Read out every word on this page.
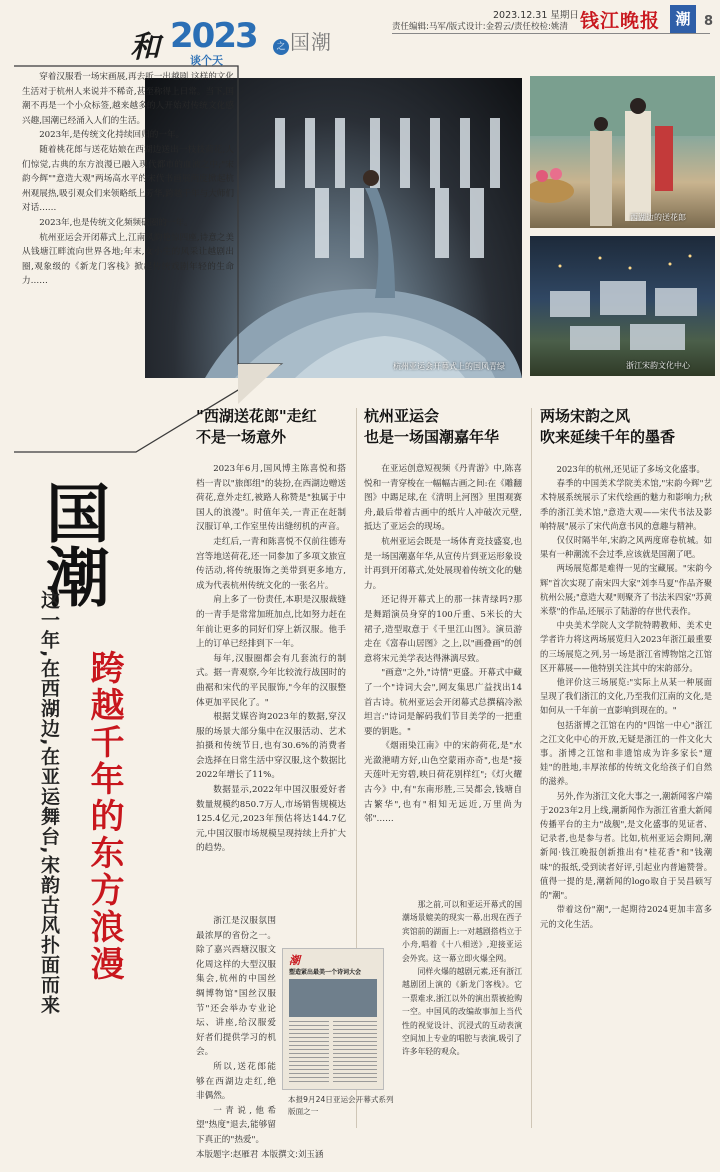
和 2023
谈个天
之 国潮
2023.12.31 星期日
责任编辑:马军/版式设计:金碧云/责任校检:姚清 钱江晚报	潮	8
杭州亚运会开幕式上的国风青绿
西湖边的送花郎
浙江宋韵文化中心

穿着汉服看一场宋画展,再去听一出越剧,这样的文化生活对于杭州人来说并不稀奇,甚至称得上日常。当下,国潮不再是一个小众标签,越来越多的人开始对传统文化感兴趣,国潮已经涌入人们的生活。

2023年,是传统文化持续回归的一年。

随着桃花郎与送花姑娘在西湖边送出一枝枝荷花,人们惊觉,古典的东方浪漫已融入现代都市的血液之中;"宋韵今辉""意造大观"两场高水平的宋代书画展两度掀起杭州观展热,吸引观众们来领略纸上芳华,跨越千年与大师们对话……

2023年,也是传统文化频频破圈的一年。

杭州亚运会开闭幕式上,江南风韵艳惊四座,诗意之美从钱塘江畔流向世界各地;年末,女小生的风采让越剧出圈,观象级的《新龙门客栈》掀起传统戏剧年轻的生命力……

国潮
跨越千年的东方浪漫
这一年,在西湖边,在亚运舞台,宋韵古风扑面而来
"西湖送花郎"走红
不是一场意外

2023年6月,国风博主陈喜悦和搭档一青以"旅郎组"的装扮,在西湖边赠送荷花,意外走红,被路人称赞是"独属于中国人的浪漫"。时值年关,一青正在赶制汉服订单,工作室里传出缝纫机的声音。

走红后,一青和陈喜悦不仅前往德寿宫等地送荷花,还一同参加了多项文旅宣传活动,将传统服饰之美带到更多地方,成为代表杭州传统文化的一张名片。

肩上多了一份责任,本职是汉服裁缝的一青手是常常加班加点,比如努力赶在年前让更多的同好们穿上新汉服。他手上的订单已经排到下一年。

每年,汉服圈都会有几套流行的制式。据一青观察,今年比较流行战国时的曲裾和宋代的平民服饰,"今年的汉服整体更加平民化了。"

根据艾媒咨询2023年的数据,穿汉服的场景大部分集中在汉服活动、艺术拍摄和传统节日,也有30.6%的消费者会选择在日常生活中穿汉服,这个数据比2022年增长了11%。

数据显示,2022年中国汉服爱好者数量规模约850.7万人,市场销售规模达125.4亿元,2023年预估将达144.7亿元,中国汉服市场规模呈现持续上升扩大的趋势。

浙江是汉服氛围最浓厚的省份之一。除了嘉兴西塘汉服文化周这样的大型汉服集会,杭州的中国丝绸博物馆"国丝汉服节"还会举办专业论坛、讲座,给汉服爱好者们提供学习的机会。

所以,送花郎能够在西湖边走红,绝非偶然。

一青说,他希望"热度"退去,能够留下真正的"热爱"。

杭州亚运会
也是一场国潮嘉年华

在亚运创意短视频《丹青游》中,陈喜悦和一青穿梭在一幅幅古画之间:在《雕翻图》中踢足球,在《清明上河图》里围观赛舟,最后带着古画中的纸片人冲破次元壁,抵达了亚运会的现场。

杭州亚运会既是一场体育竞技盛宴,也是一场国潮嘉年华,从宣传片到亚运形象设计再到开闭幕式,处处展现着传统文化的魅力。

还记得开幕式上的那一抹青绿吗?那是舞蹈演员身穿的100斤重、5米长的大裙子,造型取意于《千里江山图》。演员游走在《富春山居图》之上,以"画叠画"的创意将宋元美学表达得淋漓尽致。

"画意"之外,"诗情"更盛。开幕式中藏了一个"诗词大会",网友集思广益找出14首古诗。杭州亚运会开闭幕式总撰稿冷淞坦言:"诗词是解码我们节目美学的一把重要的钥匙。"

《烟雨染江南》中的宋韵荷花,是"水光潋滟晴方好,山色空蒙雨亦奇",也是"接天莲叶无穷碧,映日荷花别样红";《灯火耀古今》中,有"东南形胜,三吴都会,钱塘自古繁华",也有"相知无远近,万里尚为邻"……

那之前,可以和亚运开幕式的国潮场景媲美的现实一幕,出现在西子宾馆前的湖面上:一对越剧搭档立于小舟,唱着《十八相送》,迎接亚运会外宾。这一幕立即火爆全网。

同样火爆的越剧元素,还有浙江越剧团上演的《新龙门客栈》。它一票难求,浙江以外的演出票被抢购一空。中国风的改编故事加上当代性的视觉设计、沉浸式的互动表演空间加上专业的唱腔与表演,吸引了许多年轻的观众。

潮
塑造紧出最美一个诗词大会
本报9月24日亚运会开幕式系列版面之一
两场宋韵之风
吹来延续千年的墨香

2023年的杭州,还见证了多场文化盛事。

春季的中国美术学院美术馆,"宋韵今辉"艺术特展系统展示了宋代绘画的魅力和影响力;秋季的浙江美术馆,"意造大观——宋代书法及影响特展"展示了宋代尚意书风的意趣与精神。

仅仅时隔半年,宋韵之风两度席卷杭城。如果有一种潮流不会过季,应该就是国潮了吧。

两场展览都是难得一见的宝藏展。"宋韵今辉"首次实现了南宋四大家"刘李马夏"作品齐聚杭州公展;"意造大观"则聚齐了书法米四家"苏黄米蔡"的作品,还展示了陆游的存世代表作。

中央美术学院人文学院特聘教师、美术史学者许力将这两场展览归入2023年浙江最重要的三场展览之列,另一场是浙江省博物馆之江馆区开幕展——他特别关注其中的宋韵部分。

他评价这三场展览:"实际上从某一种展面呈现了我们浙江的文化,乃至我们江南的文化,是如何从一千年前一直影响到现在的。"

包括浙博之江馆在内的"四馆一中心"浙江之江文化中心的开放,无疑是浙江的一件文化大事。浙博之江馆和非遗馆成为许多家长"遛娃"的胜地,丰厚浓郁的传统文化给孩子们自然的滋养。

另外,作为浙江文化大事之一,潮新闻客户端于2023年2月上线,潮新闻作为浙江省重大新闻传播平台的主力"战舰",是文化盛事的见证者、记录者,也是参与者。比如,杭州亚运会期间,潮新闻·钱江晚报创新推出有"桂花香"和"钱潮味"的报纸,受到读者好评,引起业内普遍赞誉。值得一提的是,潮新闻的logo取自于吴昌硕写的"潮"。

带着这份"潮",一起期待2024更加丰富多元的文化生活。

本版题字:赵雁君 本版撰文:刘玉涵
